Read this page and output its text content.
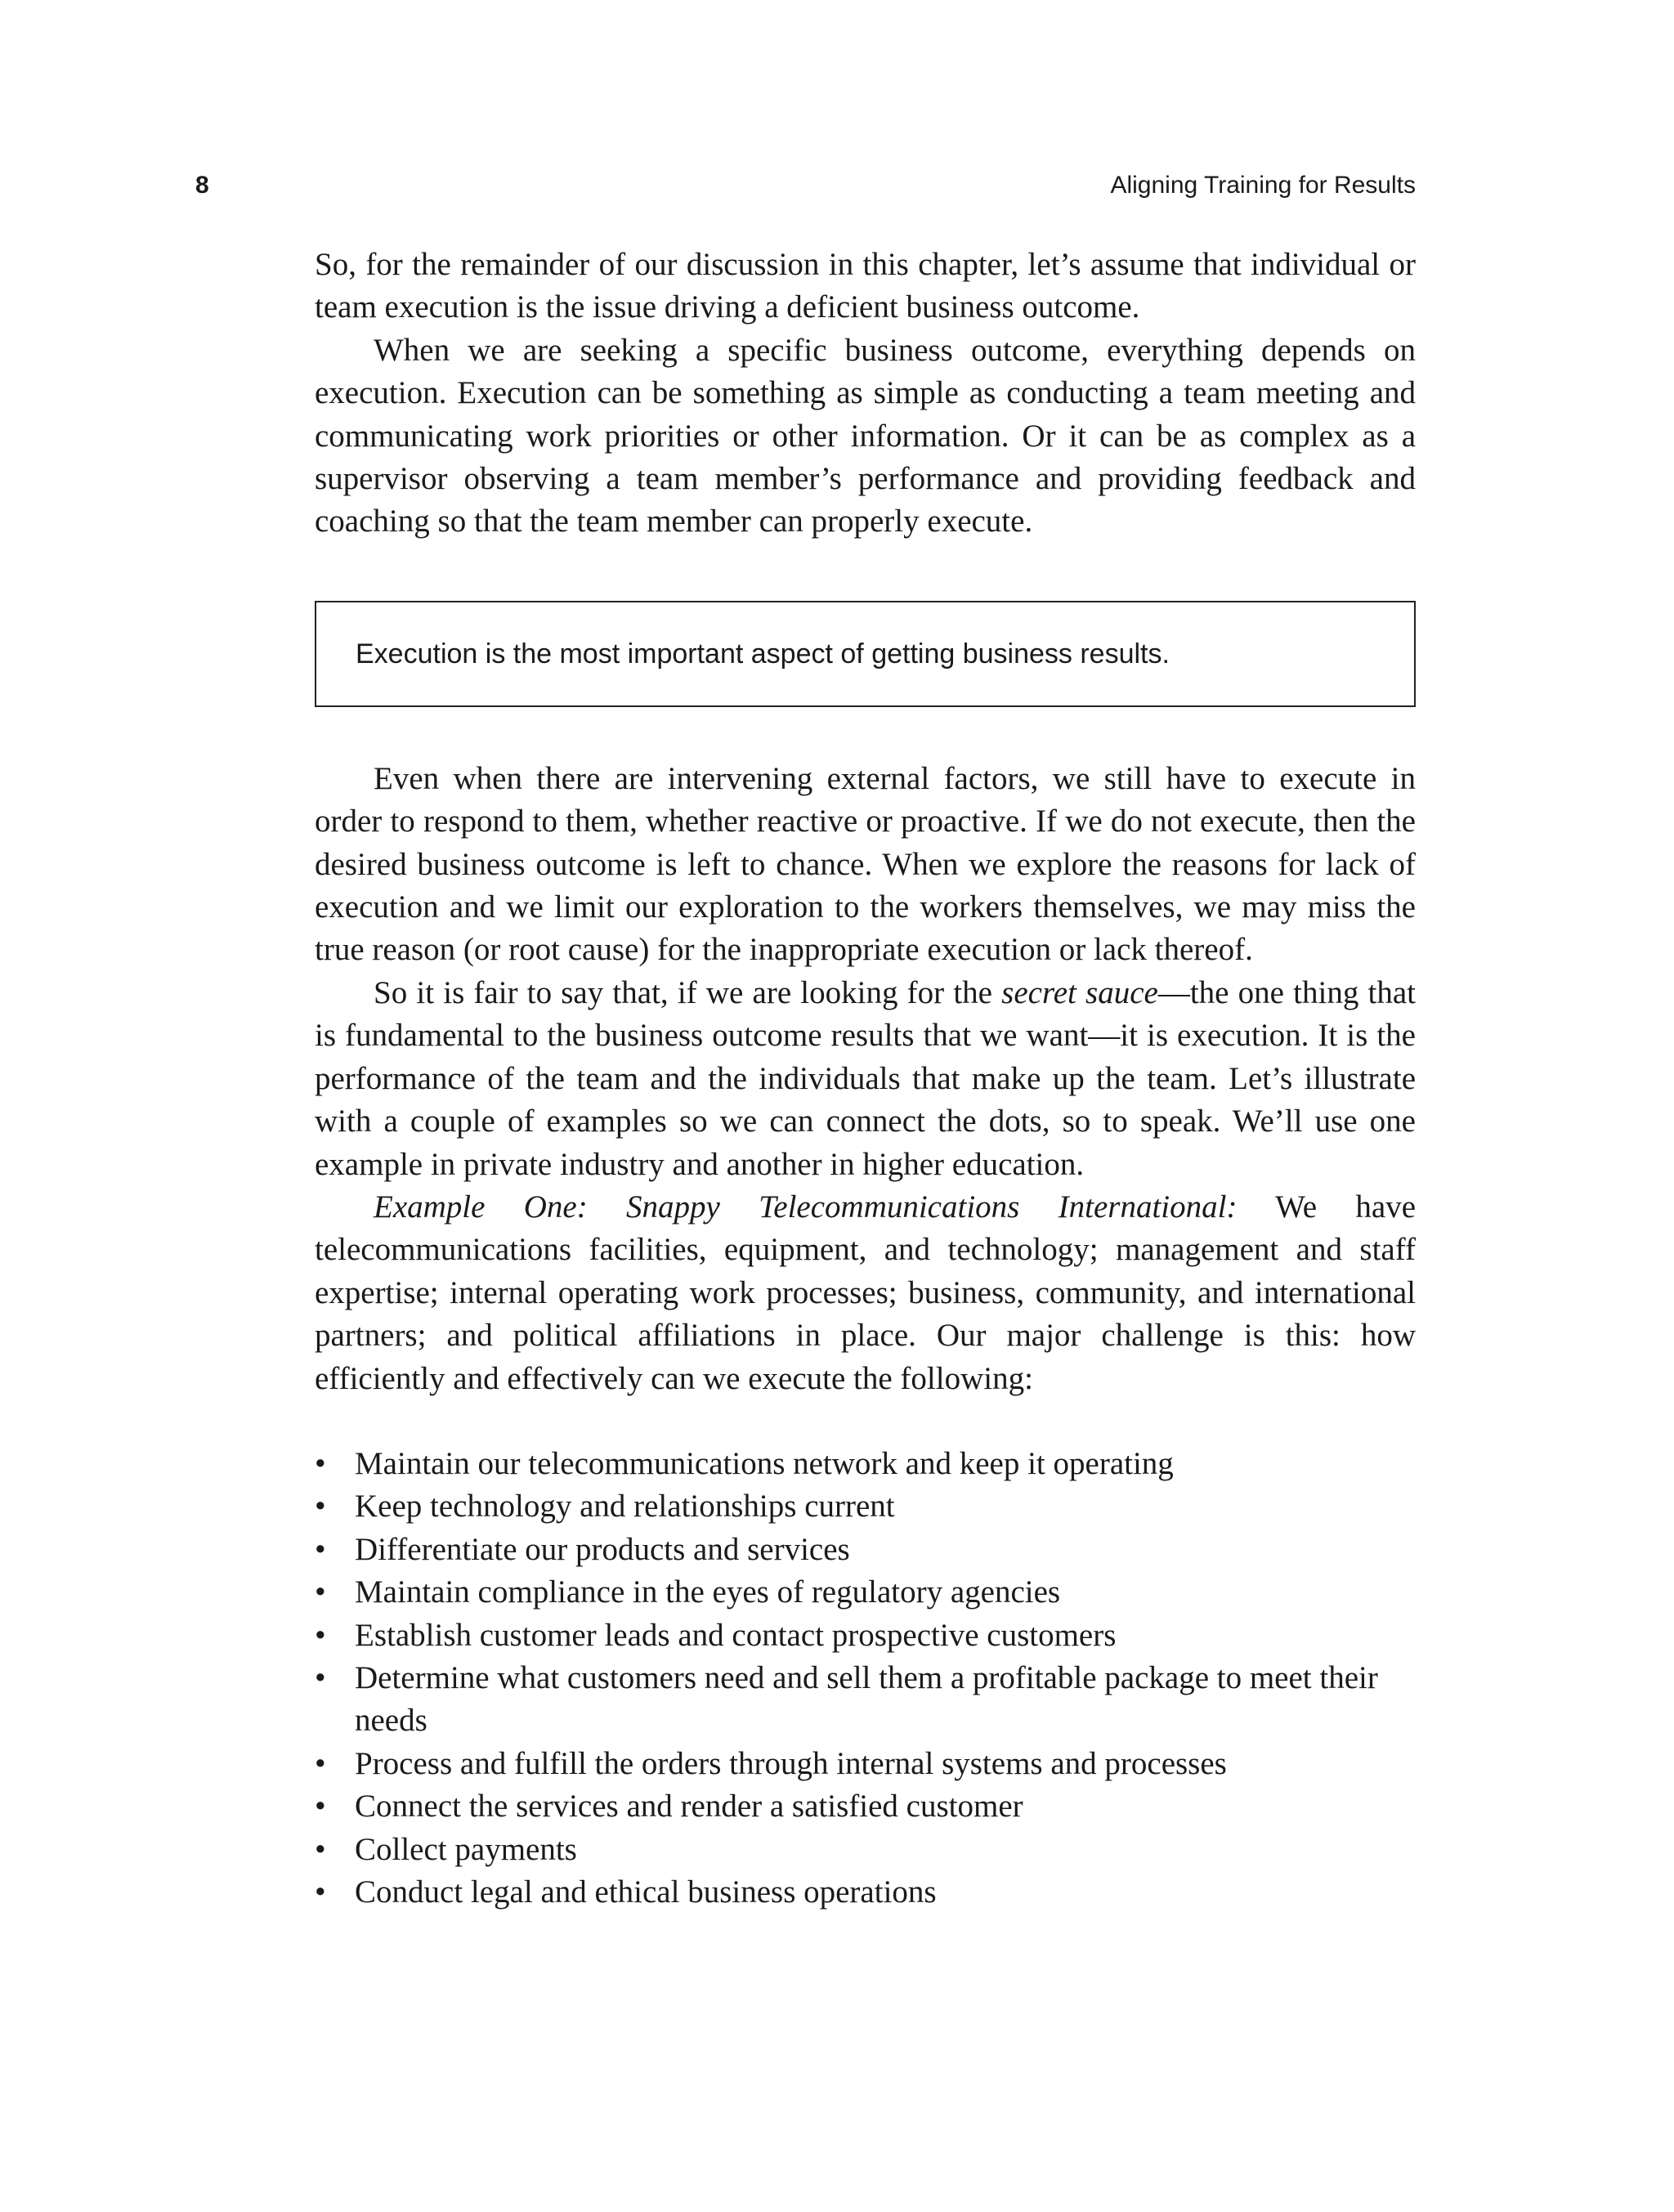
8	Aligning Training for Results

So, for the remainder of our discussion in this chapter, let’s assume that individual or team execution is the issue driving a deficient business outcome.

When we are seeking a specific business outcome, everything depends on execution. Execution can be something as simple as conducting a team meeting and communicating work priorities or other information. Or it can be as complex as a supervisor observing a team member’s performance and providing feedback and coaching so that the team member can properly execute.

Execution is the most important aspect of getting business results.

Even when there are intervening external factors, we still have to execute in order to respond to them, whether reactive or proactive. If we do not execute, then the desired business outcome is left to chance. When we explore the reasons for lack of execution and we limit our exploration to the workers themselves, we may miss the true reason (or root cause) for the inappropriate execution or lack thereof.

So it is fair to say that, if we are looking for the secret sauce—the one thing that is fundamental to the business outcome results that we want—it is execution. It is the performance of the team and the individuals that make up the team. Let’s illustrate with a couple of examples so we can connect the dots, so to speak. We’ll use one example in private industry and another in higher education.

Example One: Snappy Telecommunications International: We have telecommunications facilities, equipment, and technology; management and staff expertise; internal operating work processes; business, community, and international partners; and political affiliations in place. Our major challenge is this: how efficiently and effectively can we execute the following:

• Maintain our telecommunications network and keep it operating
• Keep technology and relationships current
• Differentiate our products and services
• Maintain compliance in the eyes of regulatory agencies
• Establish customer leads and contact prospective customers
• Determine what customers need and sell them a profitable package to meet their needs
• Process and fulfill the orders through internal systems and processes
• Connect the services and render a satisfied customer
• Collect payments
• Conduct legal and ethical business operations
